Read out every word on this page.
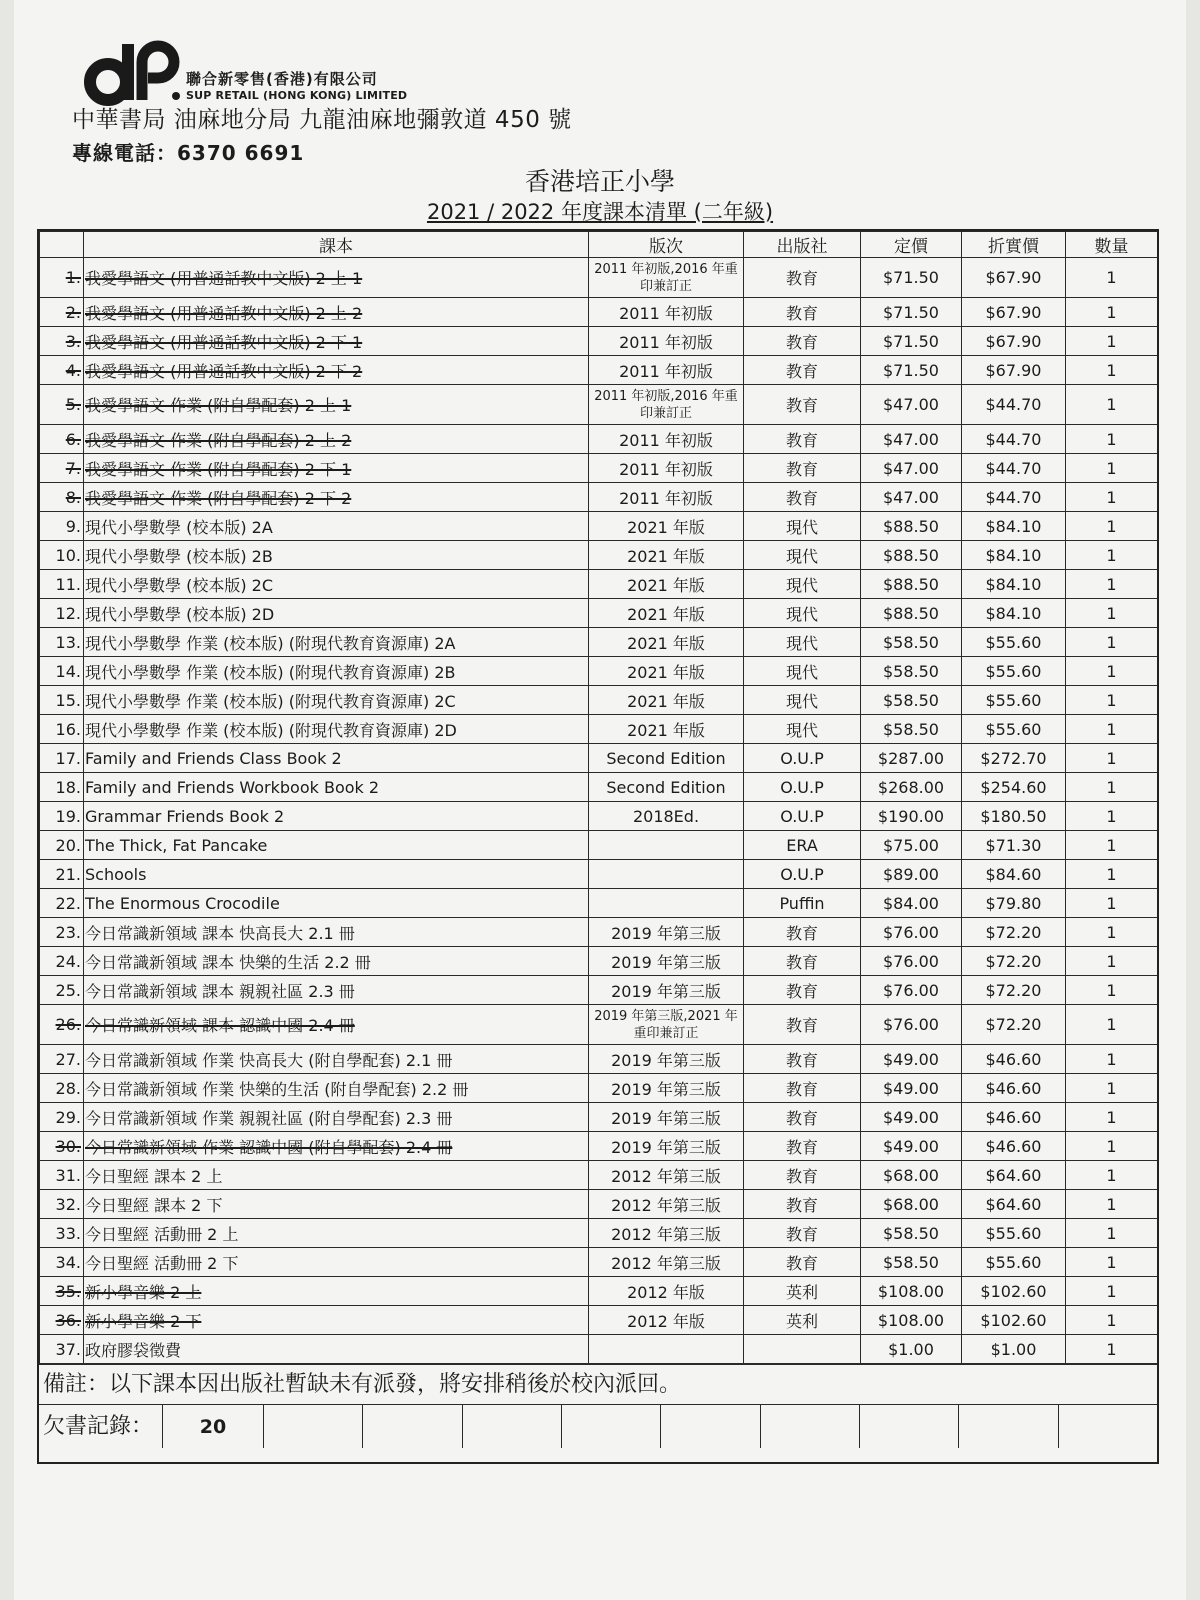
聯合新零售(香港)有限公司
SUP RETAIL (HONG KONG) LIMITED
中華書局 油麻地分局 九龍油麻地彌敦道 450 號
專線電話：6370 6691
香港培正小學
2021 / 2022 年度課本清單 (二年級)
	課本	版次	出版社	定價	折實價	數量
1.	我愛學語文 (用普通話教中文版) 2 上 1	2011 年初版,2016 年重印兼訂正	教育	$71.50	$67.90	1
2.	我愛學語文 (用普通話教中文版) 2 上 2	2011 年初版	教育	$71.50	$67.90	1
3.	我愛學語文 (用普通話教中文版) 2 下 1	2011 年初版	教育	$71.50	$67.90	1
4.	我愛學語文 (用普通話教中文版) 2 下 2	2011 年初版	教育	$71.50	$67.90	1
5.	我愛學語文 作業 (附自學配套) 2 上 1	2011 年初版,2016 年重印兼訂正	教育	$47.00	$44.70	1
6.	我愛學語文 作業 (附自學配套) 2 上 2	2011 年初版	教育	$47.00	$44.70	1
7.	我愛學語文 作業 (附自學配套) 2 下 1	2011 年初版	教育	$47.00	$44.70	1
8.	我愛學語文 作業 (附自學配套) 2 下 2	2011 年初版	教育	$47.00	$44.70	1
9.	現代小學數學 (校本版) 2A	2021 年版	現代	$88.50	$84.10	1
10.	現代小學數學 (校本版) 2B	2021 年版	現代	$88.50	$84.10	1
11.	現代小學數學 (校本版) 2C	2021 年版	現代	$88.50	$84.10	1
12.	現代小學數學 (校本版) 2D	2021 年版	現代	$88.50	$84.10	1
13.	現代小學數學 作業 (校本版) (附現代教育資源庫) 2A	2021 年版	現代	$58.50	$55.60	1
14.	現代小學數學 作業 (校本版) (附現代教育資源庫) 2B	2021 年版	現代	$58.50	$55.60	1
15.	現代小學數學 作業 (校本版) (附現代教育資源庫) 2C	2021 年版	現代	$58.50	$55.60	1
16.	現代小學數學 作業 (校本版) (附現代教育資源庫) 2D	2021 年版	現代	$58.50	$55.60	1
17.	Family and Friends Class Book 2	Second Edition	O.U.P	$287.00	$272.70	1
18.	Family and Friends Workbook Book 2	Second Edition	O.U.P	$268.00	$254.60	1
19.	Grammar Friends Book 2	2018Ed.	O.U.P	$190.00	$180.50	1
20.	The Thick, Fat Pancake		ERA	$75.00	$71.30	1
21.	Schools		O.U.P	$89.00	$84.60	1
22.	The Enormous Crocodile		Puffin	$84.00	$79.80	1
23.	今日常識新領域 課本 快高長大 2.1 冊	2019 年第三版	教育	$76.00	$72.20	1
24.	今日常識新領域 課本 快樂的生活 2.2 冊	2019 年第三版	教育	$76.00	$72.20	1
25.	今日常識新領域 課本 親親社區 2.3 冊	2019 年第三版	教育	$76.00	$72.20	1
26.	今日常識新領域 課本 認識中國 2.4 冊	2019 年第三版,2021 年重印兼訂正	教育	$76.00	$72.20	1
27.	今日常識新領域 作業 快高長大 (附自學配套) 2.1 冊	2019 年第三版	教育	$49.00	$46.60	1
28.	今日常識新領域 作業 快樂的生活 (附自學配套) 2.2 冊	2019 年第三版	教育	$49.00	$46.60	1
29.	今日常識新領域 作業 親親社區 (附自學配套) 2.3 冊	2019 年第三版	教育	$49.00	$46.60	1
30.	今日常識新領域 作業 認識中國 (附自學配套) 2.4 冊	2019 年第三版	教育	$49.00	$46.60	1
31.	今日聖經 課本 2 上	2012 年第三版	教育	$68.00	$64.60	1
32.	今日聖經 課本 2 下	2012 年第三版	教育	$68.00	$64.60	1
33.	今日聖經 活動冊 2 上	2012 年第三版	教育	$58.50	$55.60	1
34.	今日聖經 活動冊 2 下	2012 年第三版	教育	$58.50	$55.60	1
35.	新小學音樂 2 上	2012 年版	英利	$108.00	$102.60	1
36.	新小學音樂 2 下	2012 年版	英利	$108.00	$102.60	1
37.	政府膠袋徵費			$1.00	$1.00	1
備註：以下課本因出版社暫缺未有派發，將安排稍後於校內派回。
欠書記錄：	20
